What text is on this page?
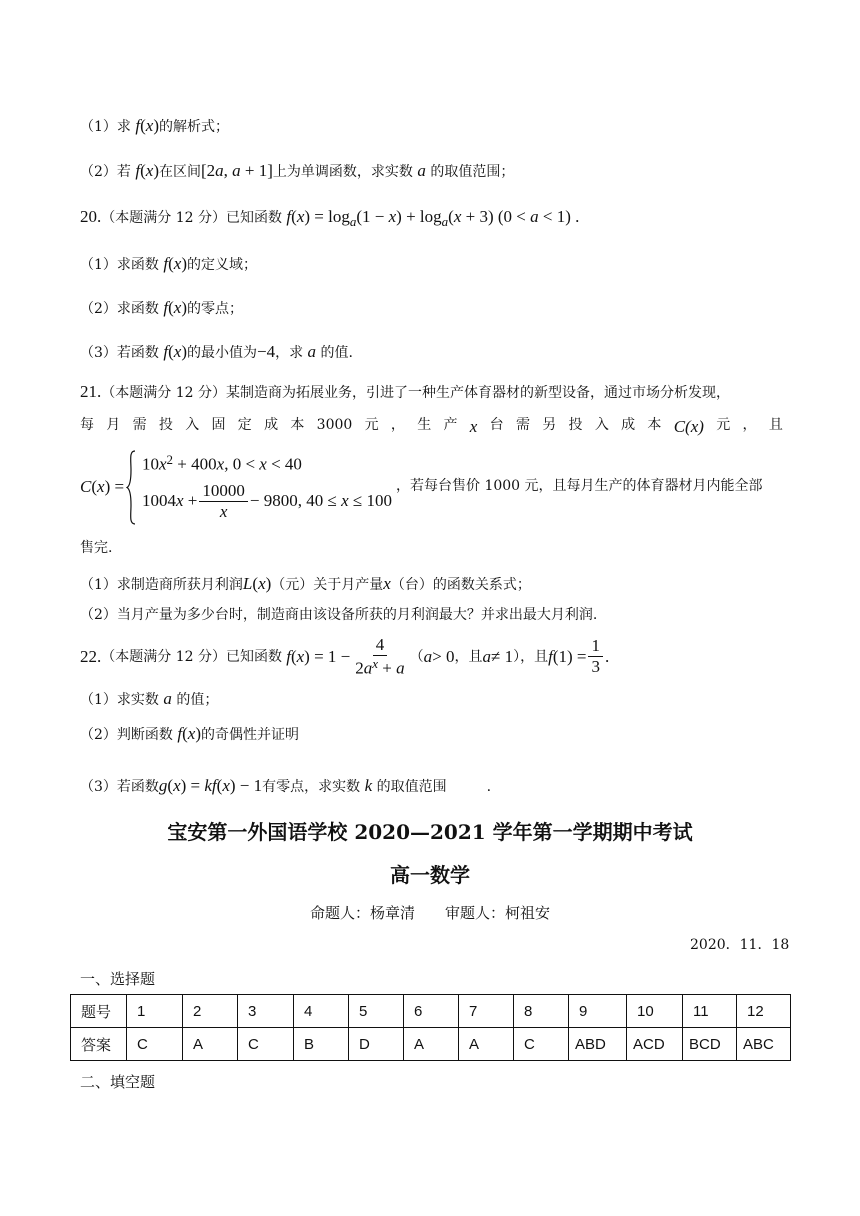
（1）求 f(x)的解析式；
（2）若 f(x)在区间[2a, a + 1]上为单调函数，求实数 a 的取值范围；
20.（本题满分 12 分）已知函数 $f(x) = \log_a(1 - x) + \log_a(x + 3) (0 < a < 1)$ .
（1）求函数 f(x)的定义域；
（2）求函数 f(x)的零点；
（3）若函数 f(x)的最小值为−4，求 a 的值.
21.（本题满分 12 分）某制造商为拓展业务，引进了一种生产体育器材的新型设备，通过市场分析发现，
每 月 需 投 入 固 定 成 本 3000 元 ， 生 产 x 台 需 另 投 入 成 本 C(x) 元 ， 且
C(x) =
$10x^2 + 400x$, 0 < x < 40
$1004x + \frac{10000}{x} - 9800$, 40 ≤ x ≤ 100
，若每台售价 1000 元，且每月生产的体育器材月内能全部
售完.
（1）求制造商所获月利润L(x)（元）关于月产量x（台）的函数关系式；
（2）当月产量为多少台时，制造商由该设备所获的月利润最大？并求出最大月利润.
22. （本题满分 12 分）已知函数 f ( x ) = $1 - \frac{4}{2a^x + a}$ （ a > 0 ，且 a ≠ 1 ），且 f $(1) = \frac{1}{3}$ .
（1）求实数 a 的值；
（2）判断函数 f(x)的奇偶性并证明
（3）若函数g(x) = kf(x) − 1有零点，求实数 k 的取值范围	.
宝安第一外国语学校 2020—2021 学年第一学期期中考试
高一数学
命题人：杨章清　　审题人：柯祖安
2020．11．18
一、选择题
题号	1	2	3	4	5	6	7	8	9	10	11	12
答案	C	A	C	B	D	A	A	C	ABD	ACD	BCD	ABC
二、填空题
